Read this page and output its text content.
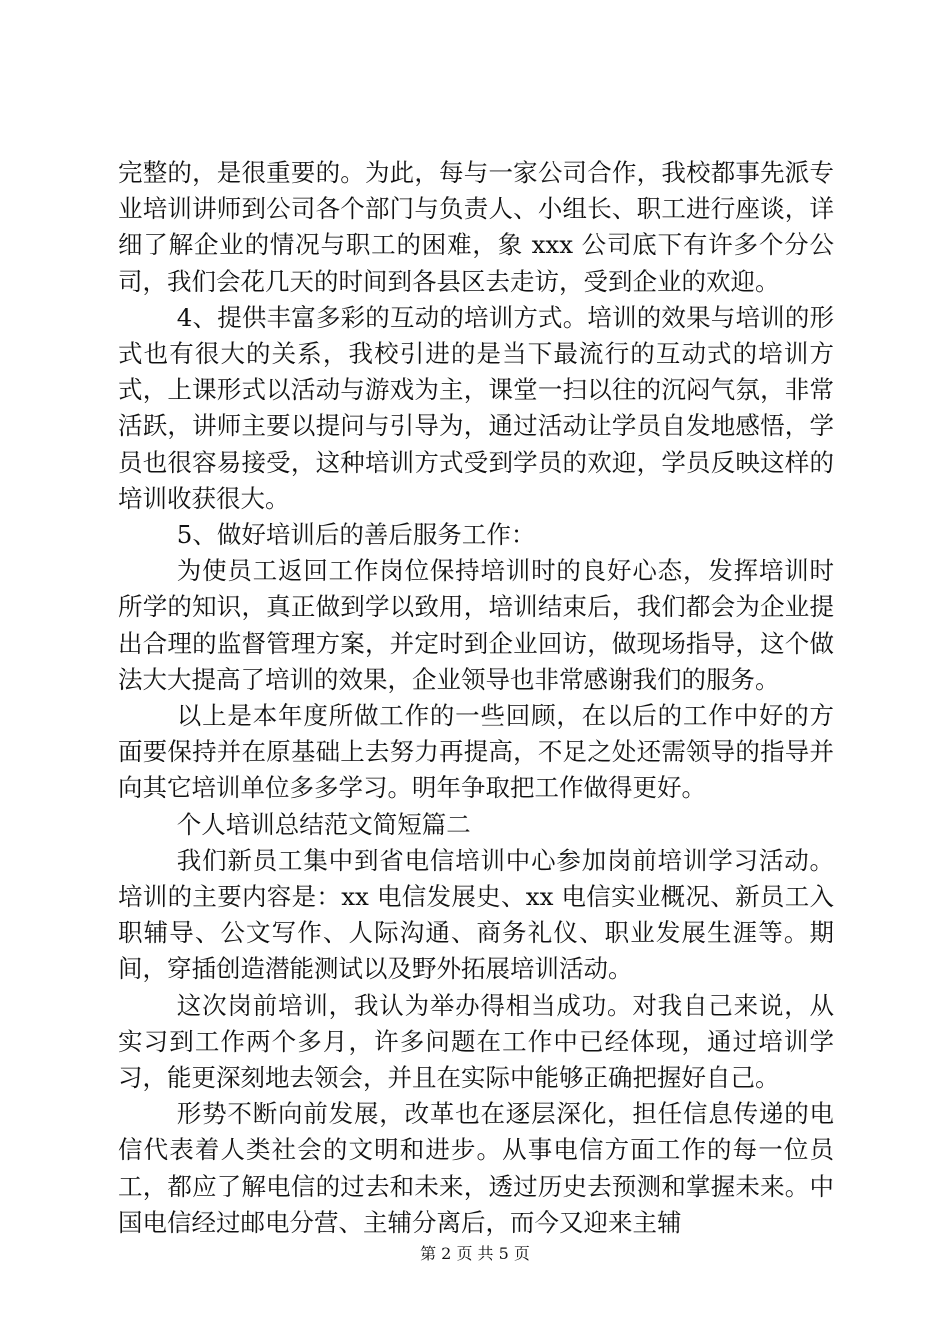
完整的，是很重要的。为此，每与一家公司合作，我校都事先派专业培训讲师到公司各个部门与负责人、小组长、职工进行座谈，详细了解企业的情况与职工的困难，象 xxx 公司底下有许多个分公司，我们会花几天的时间到各县区去走访，受到企业的欢迎。

4、提供丰富多彩的互动的培训方式。培训的效果与培训的形式也有很大的关系，我校引进的是当下最流行的互动式的培训方式，上课形式以活动与游戏为主，课堂一扫以往的沉闷气氛，非常活跃，讲师主要以提问与引导为，通过活动让学员自发地感悟，学员也很容易接受，这种培训方式受到学员的欢迎，学员反映这样的培训收获很大。

5、做好培训后的善后服务工作：

为使员工返回工作岗位保持培训时的良好心态，发挥培训时所学的知识，真正做到学以致用，培训结束后，我们都会为企业提出合理的监督管理方案，并定时到企业回访，做现场指导，这个做法大大提高了培训的效果，企业领导也非常感谢我们的服务。

以上是本年度所做工作的一些回顾，在以后的工作中好的方面要保持并在原基础上去努力再提高，不足之处还需领导的指导并向其它培训单位多多学习。明年争取把工作做得更好。

个人培训总结范文简短篇二

我们新员工集中到省电信培训中心参加岗前培训学习活动。培训的主要内容是：xx 电信发展史、xx 电信实业概况、新员工入职辅导、公文写作、人际沟通、商务礼仪、职业发展生涯等。期间，穿插创造潜能测试以及野外拓展培训活动。

这次岗前培训，我认为举办得相当成功。对我自己来说，从实习到工作两个多月，许多问题在工作中已经体现，通过培训学习，能更深刻地去领会，并且在实际中能够正确把握好自己。

形势不断向前发展，改革也在逐层深化，担任信息传递的电信代表着人类社会的文明和进步。从事电信方面工作的每一位员工，都应了解电信的过去和未来，透过历史去预测和掌握未来。中国电信经过邮电分营、主辅分离后，而今又迎来主辅

第 2 页 共 5 页
